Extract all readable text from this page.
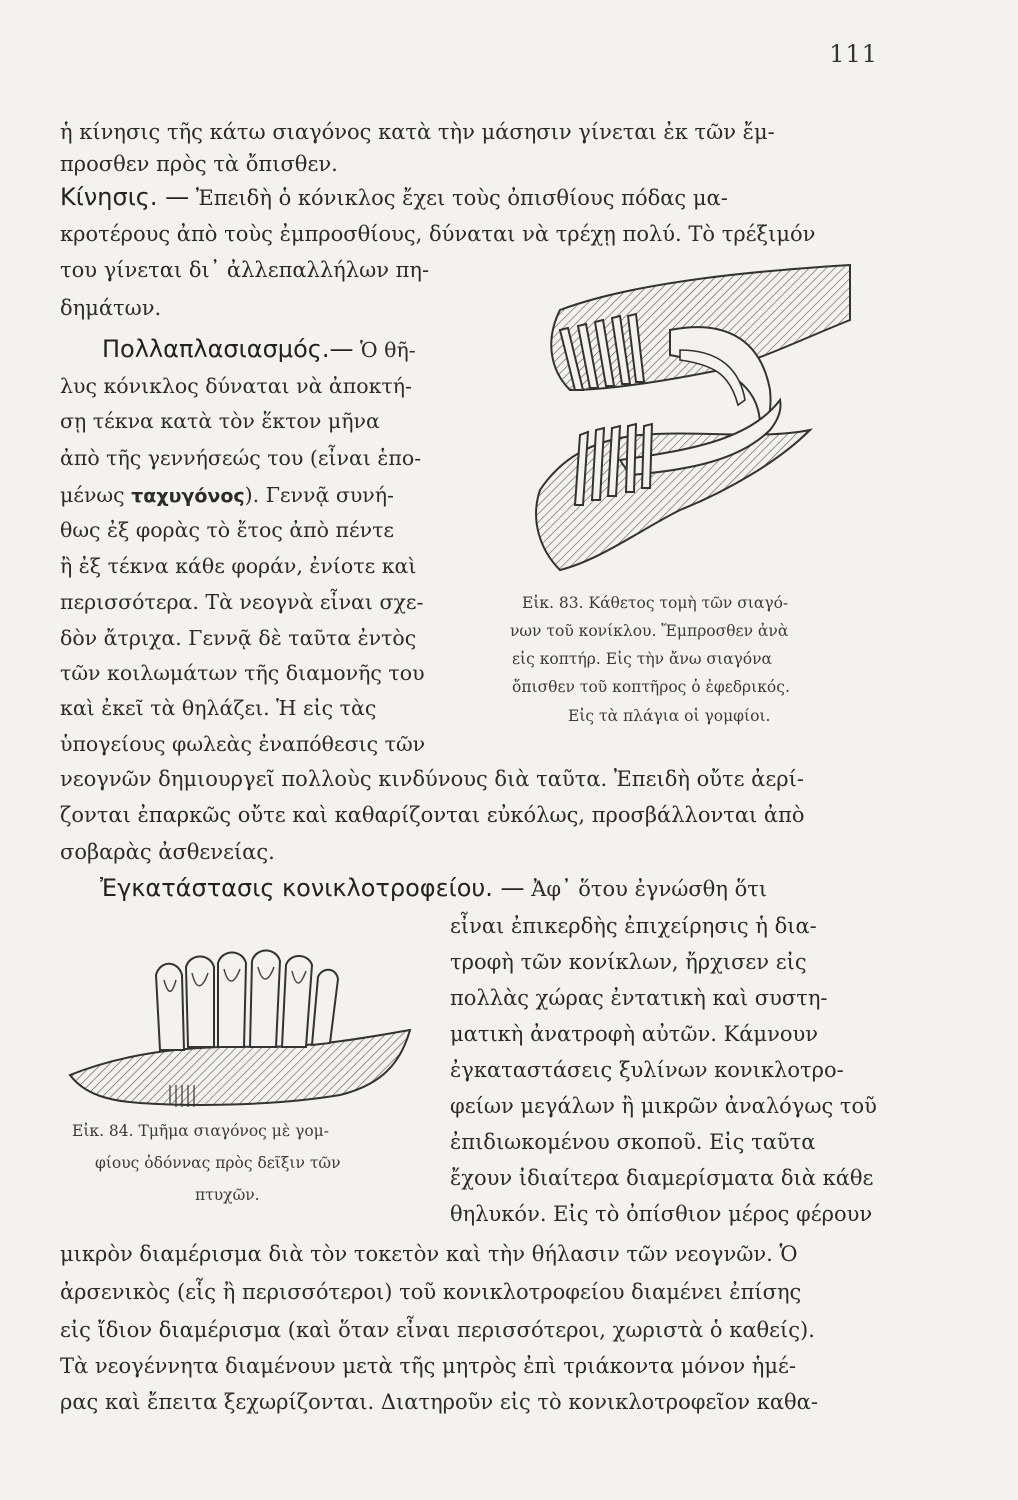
111
ἡ κίνησις τῆς κάτω σιαγόνος κατὰ τὴν μάσησιν γίνεται ἐκ τῶν ἔμ-
προσθεν πρὸς τὰ ὄπισθεν.
Κίνησις. — Ἐπειδὴ ὁ κόνικλος ἔχει τοὺς ὀπισθίους πόδας μα-
κροτέρους ἀπὸ τοὺς ἐμπροσθίους, δύναται νὰ τρέχῃ πολύ. Τὸ τρέξιμόν
του γίνεται δι᾽ ἀλλεπαλλήλων πη-
δημάτων.
Πολλαπλασιασμός.— Ὁ θῆ-
λυς κόνικλος δύναται νὰ ἀποκτή-
σῃ τέκνα κατὰ τὸν ἕκτον μῆνα
ἀπὸ τῆς γεννήσεώς του (εἶναι ἑπο-
μένως ταχυγόνος). Γεννᾷ συνή-
θως ἐξ φορὰς τὸ ἔτος ἀπὸ πέντε
ἢ ἐξ τέκνα κάθε φοράν, ἐνίοτε καὶ
περισσότερα. Τὰ νεογνὰ εἶναι σχε-
δὸν ἄτριχα. Γεννᾷ δὲ ταῦτα ἐντὸς
τῶν κοιλωμάτων τῆς διαμονῆς του
καὶ ἐκεῖ τὰ θηλάζει. Ἡ εἰς τὰς
ὑπογείους φωλεὰς ἐναπόθεσις τῶν
νεογνῶν δημιουργεῖ πολλοὺς κινδύνους διὰ ταῦτα. Ἐπειδὴ οὔτε ἀερί-
ζονται ἐπαρκῶς οὔτε καὶ καθαρίζονται εὐκόλως, προσβάλλονται ἀπὸ
σοβαρὰς ἀσθενείας.
Εἰκ. 83. Κάθετος τομὴ τῶν σιαγό-
νων τοῦ κονίκλου. Ἔμπροσθεν ἀνὰ
εἰς κοπτήρ. Εἰς τὴν ἄνω σιαγόνα
ὄπισθεν τοῦ κοπτῆρος ὁ ἐφεδρικός.
Εἰς τὰ πλάγια οἱ γομφίοι.
Ἐγκατάστασις κονικλοτροφείου. — Ἀφ᾽ ὅτου ἐγνώσθη ὅτι
εἶναι ἐπικερδὴς ἐπιχείρησις ἡ δια-
τροφὴ τῶν κονίκλων, ἤρχισεν εἰς
πολλὰς χώρας ἐντατικὴ καὶ συστη-
ματικὴ ἀνατροφὴ αὐτῶν. Κάμνουν
ἐγκαταστάσεις ξυλίνων κονικλοτρο-
φείων μεγάλων ἢ μικρῶν ἀναλόγως τοῦ
ἐπιδιωκομένου σκοποῦ. Εἰς ταῦτα
ἔχουν ἰδιαίτερα διαμερίσματα διὰ κάθε
θηλυκόν. Εἰς τὸ ὀπίσθιον μέρος φέρουν
Εἰκ. 84. Τμῆμα σιαγόνος μὲ γομ-
φίους ὀδόννας πρὸς δεῖξιν τῶν
πτυχῶν.
μικρὸν διαμέρισμα διὰ τὸν τοκετὸν καὶ τὴν θήλασιν τῶν νεογνῶν. Ὁ
ἀρσενικὸς (εἷς ἢ περισσότεροι) τοῦ κονικλοτροφείου διαμένει ἐπίσης
εἰς ἴδιον διαμέρισμα (καὶ ὅταν εἶναι περισσότεροι, χωριστὰ ὁ καθείς).
Τὰ νεογέννητα διαμένουν μετὰ τῆς μητρὸς ἐπὶ τριάκοντα μόνον ἡμέ-
ρας καὶ ἔπειτα ξεχωρίζονται. Διατηροῦν εἰς τὸ κονικλοτροφεῖον καθα-
